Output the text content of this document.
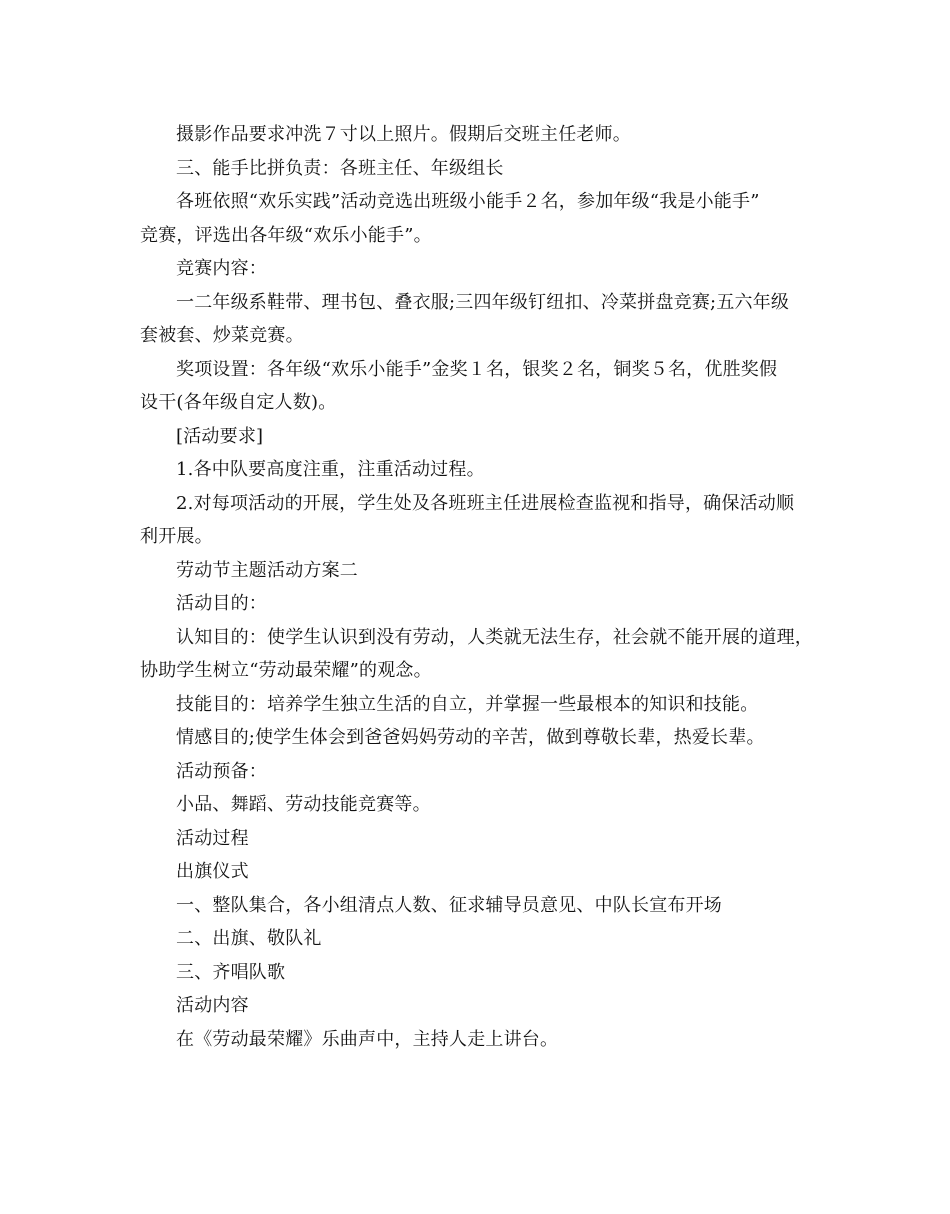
摄影作品要求冲洗７寸以上照片。假期后交班主任老师。

三、能手比拼负责：各班主任、年级组长

各班依照“欢乐实践”活动竞选出班级小能手２名，参加年级“我是小能手”

竞赛，评选出各年级“欢乐小能手”。

竞赛内容：

一二年级系鞋带、理书包、叠衣服;三四年级钉纽扣、冷菜拼盘竞赛;五六年级

套被套、炒菜竞赛。

奖项设置：各年级“欢乐小能手”金奖１名，银奖２名，铜奖５名，优胜奖假

设干(各年级自定人数)。

[活动要求]

1.各中队要高度注重，注重活动过程。

2.对每项活动的开展，学生处及各班班主任进展检查监视和指导，确保活动顺

利开展。

劳动节主题活动方案二

活动目的：

认知目的：使学生认识到没有劳动，人类就无法生存，社会就不能开展的道理，

协助学生树立“劳动最荣耀”的观念。

技能目的：培养学生独立生活的自立，并掌握一些最根本的知识和技能。

情感目的;使学生体会到爸爸妈妈劳动的辛苦，做到尊敬长辈，热爱长辈。

活动预备：

小品、舞蹈、劳动技能竞赛等。

活动过程

出旗仪式

一、整队集合，各小组清点人数、征求辅导员意见、中队长宣布开场

二、出旗、敬队礼

三、齐唱队歌

活动内容

在《劳动最荣耀》乐曲声中，主持人走上讲台。
